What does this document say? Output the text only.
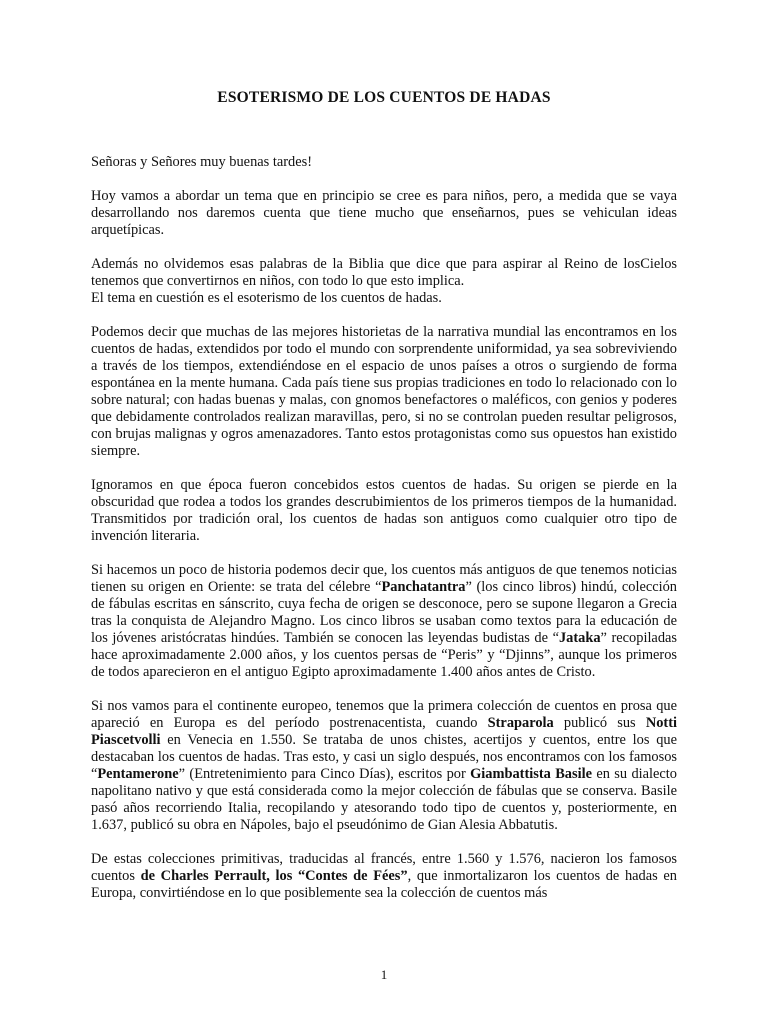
ESOTERISMO DE LOS CUENTOS DE HADAS

Señoras y Señores muy buenas tardes!

Hoy vamos a abordar un tema que en principio se cree es para niños, pero, a medida que se vaya desarrollando nos daremos cuenta que tiene mucho que enseñarnos, pues se vehiculan ideas arquetípicas.

Además no olvidemos esas palabras de la Biblia que dice que para aspirar al Reino de losCielos tenemos que convertirnos en niños, con todo lo que esto implica.

El tema en cuestión es el esoterismo de los cuentos de hadas.

Podemos decir que muchas de las mejores historietas de la narrativa mundial las encontramos en los cuentos de hadas, extendidos por todo el mundo con sorprendente uniformidad, ya sea sobreviviendo a través de los tiempos, extendiéndose en el espacio de unos países a otros o surgiendo de forma espontánea en la mente humana. Cada país tiene sus propias tradiciones en todo lo relacionado con lo sobre natural; con hadas buenas y malas, con gnomos benefactores o maléficos, con genios y poderes que debidamente controlados realizan maravillas, pero, si no se controlan pueden resultar peligrosos, con brujas malignas y ogros amenazadores. Tanto estos protagonistas como sus opuestos han existido siempre.

Ignoramos en que época fueron concebidos estos cuentos de hadas. Su origen se pierde en la obscuridad que rodea a todos los grandes descrubimientos de los primeros tiempos de la humanidad. Transmitidos por tradición oral, los cuentos de hadas son antiguos como cualquier otro tipo de invención literaria.

Si hacemos un poco de historia podemos decir que, los cuentos más antiguos de que tenemos noticias tienen su origen en Oriente: se trata del célebre “Panchatantra” (los cinco libros) hindú, colección de fábulas escritas en sánscrito, cuya fecha de origen se desconoce, pero se supone llegaron a Grecia tras la conquista de Alejandro Magno. Los cinco libros se usaban como textos para la educación de los jóvenes aristócratas hindúes. También se conocen las leyendas budistas de “Jataka” recopiladas hace aproximadamente 2.000 años, y los cuentos persas de “Peris” y “Djinns”, aunque los primeros de todos aparecieron en el antiguo Egipto aproximadamente 1.400 años antes de Cristo.

Si nos vamos para el continente europeo, tenemos que la primera colección de cuentos en prosa que apareció en Europa es del período postrenacentista, cuando Straparola publicó sus Notti Piascetvolli en Venecia en 1.550. Se trataba de unos chistes, acertijos y cuentos, entre los que destacaban los cuentos de hadas. Tras esto, y casi un siglo después, nos encontramos con los famosos “Pentamerone” (Entretenimiento para Cinco Días), escritos por Giambattista Basile en su dialecto napolitano nativo y que está considerada como la mejor colección de fábulas que se conserva. Basile pasó años recorriendo Italia, recopilando y atesorando todo tipo de cuentos y, posteriormente, en 1.637, publicó su obra en Nápoles, bajo el pseudónimo de Gian Alesia Abbatutis.

De estas colecciones primitivas, traducidas al francés, entre 1.560 y 1.576, nacieron los famosos cuentos de Charles Perrault, los “Contes de Fées”, que inmortalizaron los cuentos de hadas en Europa, convirtiéndose en lo que posiblemente sea la colección de cuentos más

1
